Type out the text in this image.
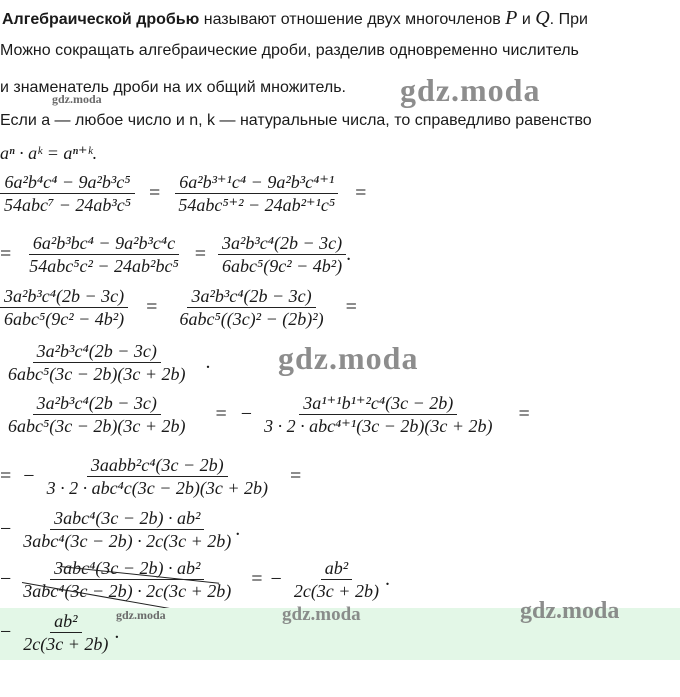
Алгебраической дробью называют отношение двух многочленов P и Q. При
Можно сокращать алгебраические дроби, разделив одновременно числитель
и знаменатель дроби на их общий множитель.
Если a — любое число и n, k — натуральные числа, то справедливо равенство
aⁿ · aᵏ = aⁿ⁺ᵏ.
gdz.moda
gdz.moda
gdz.moda
$\frac{\text{6a²b⁴c⁴ − 9a²b³c⁵}}{\text{54abc⁷ − 24ab³c⁵}} = \frac{\text{6a²b³⁺¹c⁴ − 9a²b³c⁴⁺¹}}{\text{54abc⁵⁺² − 24ab²⁺¹c⁵}}$ =
= $\frac{\text{6a²b³bc⁴ − 9a²b³c⁴c}}{\text{54abc⁵c² − 24ab²bc⁵}} = \frac{\text{3a²b³c⁴(2b − 3c)}}{\text{6abc⁵(9c² − 4b²)}}$ .
$\frac{\text{3a²b³c⁴(2b − 3c)}}{\text{6abc⁵(9c² − 4b²)}} = \frac{\text{3a²b³c⁴(2b − 3c)}}{\text{6abc⁵((3c)² − (2b)²)}}$ =
$\frac{\text{3a²b³c⁴(2b − 3c)}}{\text{6abc⁵(3c − 2b)(3c + 2b)}}$ .
$\frac{\text{3a²b³c⁴(2b − 3c)}}{\text{6abc⁵(3c − 2b)(3c + 2b)}}$ = − $\frac{\text{3a¹⁺¹b¹⁺²c⁴(3c − 2b)}}{\text{3 · 2 · abc⁴⁺¹(3c − 2b)(3c + 2b)}}$ =
= − $\frac{\text{3aabb²c⁴(3c − 2b)}}{\text{3 · 2 · abc⁴c(3c − 2b)(3c + 2b)}}$ =
− $\frac{\text{3abc⁴(3c − 2b) · ab²}}{\text{3abc⁴(3c − 2b) · 2c(3c + 2b)}}$ .
− $\frac{\text{3abc⁴(3c − 2b) · ab²}}{\text{3abc⁴(3c − 2b) · 2c(3c + 2b)}}$ = − $\frac{\text{ab²}}{2c(3c + 2b)}$ .
− $\frac{\text{ab²}}{2c(3c + 2b)}$ .
gdz.moda	gdz.moda	gdz.moda
